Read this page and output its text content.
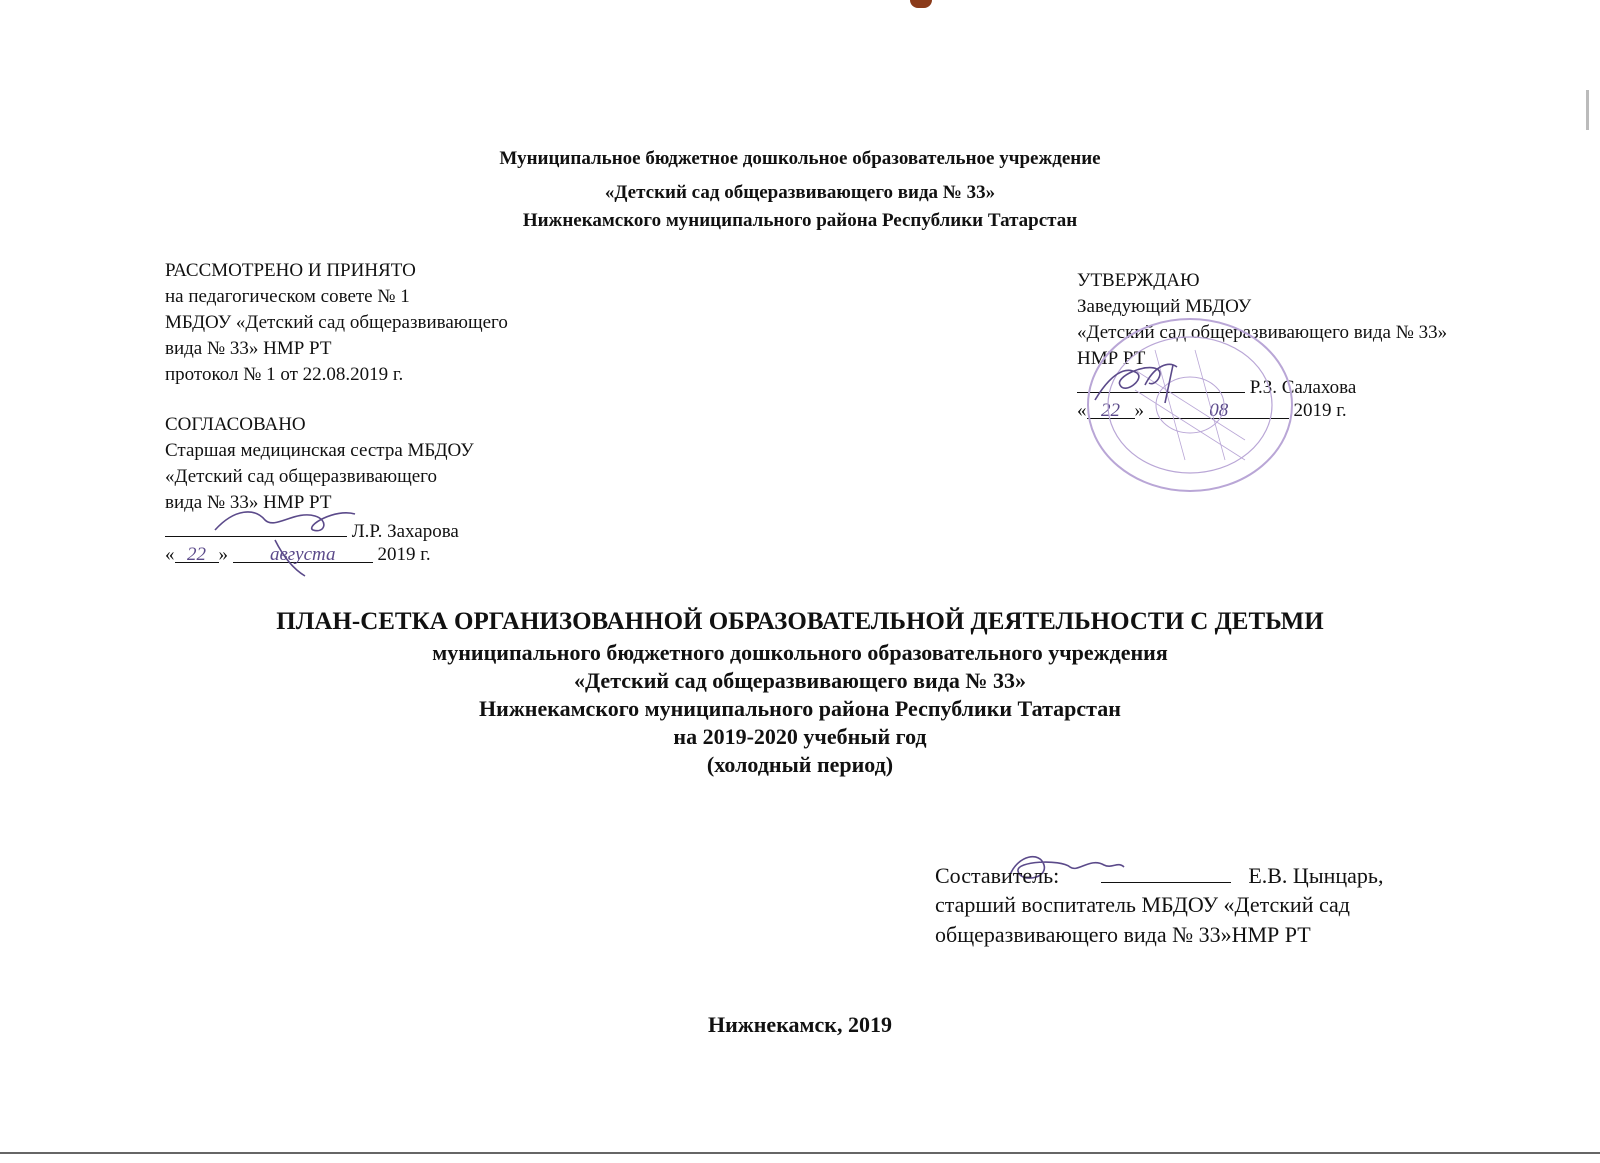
Муниципальное бюджетное дошкольное образовательное учреждение
«Детский сад общеразвивающего вида № 33»
Нижнекамского муниципального района Республики Татарстан
РАССМОТРЕНО И ПРИНЯТО
на педагогическом совете № 1
МБДОУ «Детский сад общеразвивающего
вида № 33» НМР РТ
протокол № 1 от 22.08.2019 г.
СОГЛАСОВАНО
Старшая медицинская сестра МБДОУ
«Детский сад общеразвивающего
вида № 33» НМР РТ
Л.Р. Захарова
« 22 » августа 2019 г.
УТВЕРЖДАЮ
Заведующий МБДОУ
«Детский сад общеразвивающего вида № 33»
НМР РТ
Р.З. Салахова
« 22 »	08	2019 г.
ПЛАН-СЕТКА ОРГАНИЗОВАННОЙ ОБРАЗОВАТЕЛЬНОЙ ДЕЯТЕЛЬНОСТИ С ДЕТЬМИ
муниципального бюджетного дошкольного образовательного учреждения
«Детский сад общеразвивающего вида № 33»
Нижнекамского муниципального района Республики Татарстан
на 2019-2020 учебный год
(холодный период)
Составитель:	Е.В. Цынцарь,
старший воспитатель МБДОУ «Детский сад
общеразвивающего вида № 33»НМР РТ
Нижнекамск, 2019
